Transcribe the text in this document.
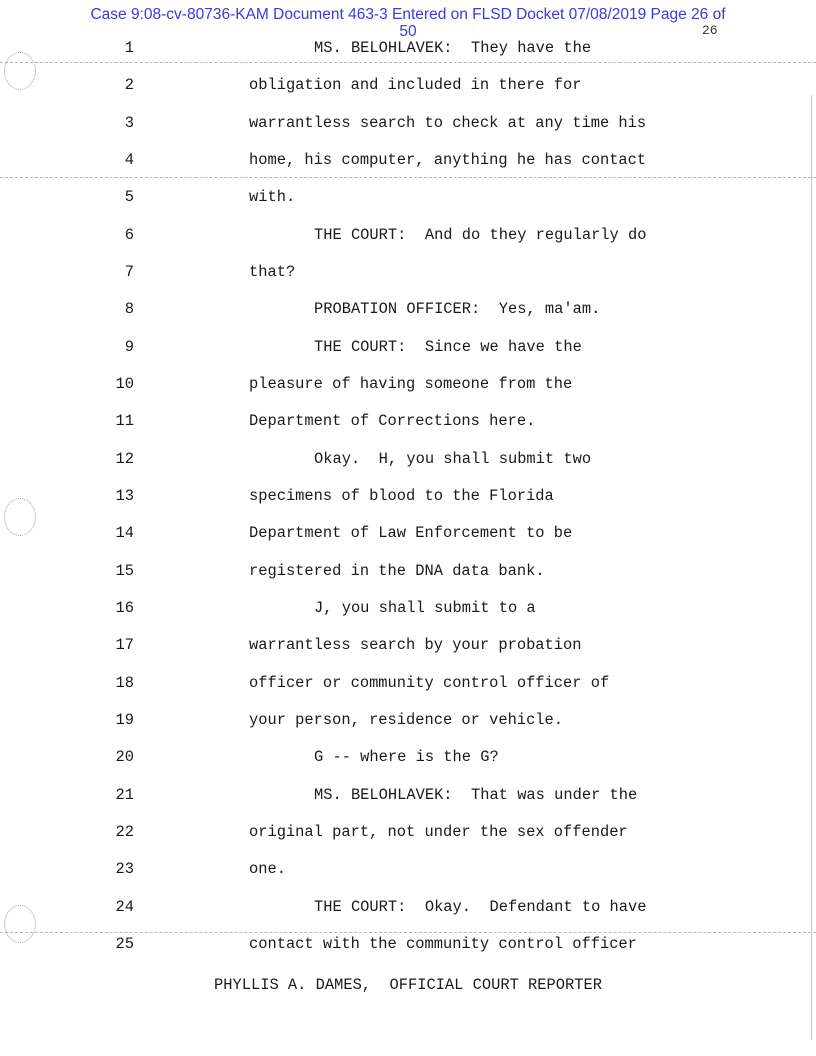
Case 9:08-cv-80736-KAM Document 463-3 Entered on FLSD Docket 07/08/2019 Page 26 of
50	26
1	MS. BELOHLAVEK:  They have the
2	obligation and included in there for
3	warrantless search to check at any time his
4	home, his computer, anything he has contact
5	with.
6	THE COURT:  And do they regularly do
7	that?
8	PROBATION OFFICER:  Yes, ma'am.
9	THE COURT:  Since we have the
10	pleasure of having someone from the
11	Department of Corrections here.
12	Okay.  H, you shall submit two
13	specimens of blood to the Florida
14	Department of Law Enforcement to be
15	registered in the DNA data bank.
16	J, you shall submit to a
17	warrantless search by your probation
18	officer or community control officer of
19	your person, residence or vehicle.
20	G -- where is the G?
21	MS. BELOHLAVEK:  That was under the
22	original part, not under the sex offender
23	one.
24	THE COURT:  Okay.  Defendant to have
25	contact with the community control officer
PHYLLIS A. DAMES,  OFFICIAL COURT REPORTER
